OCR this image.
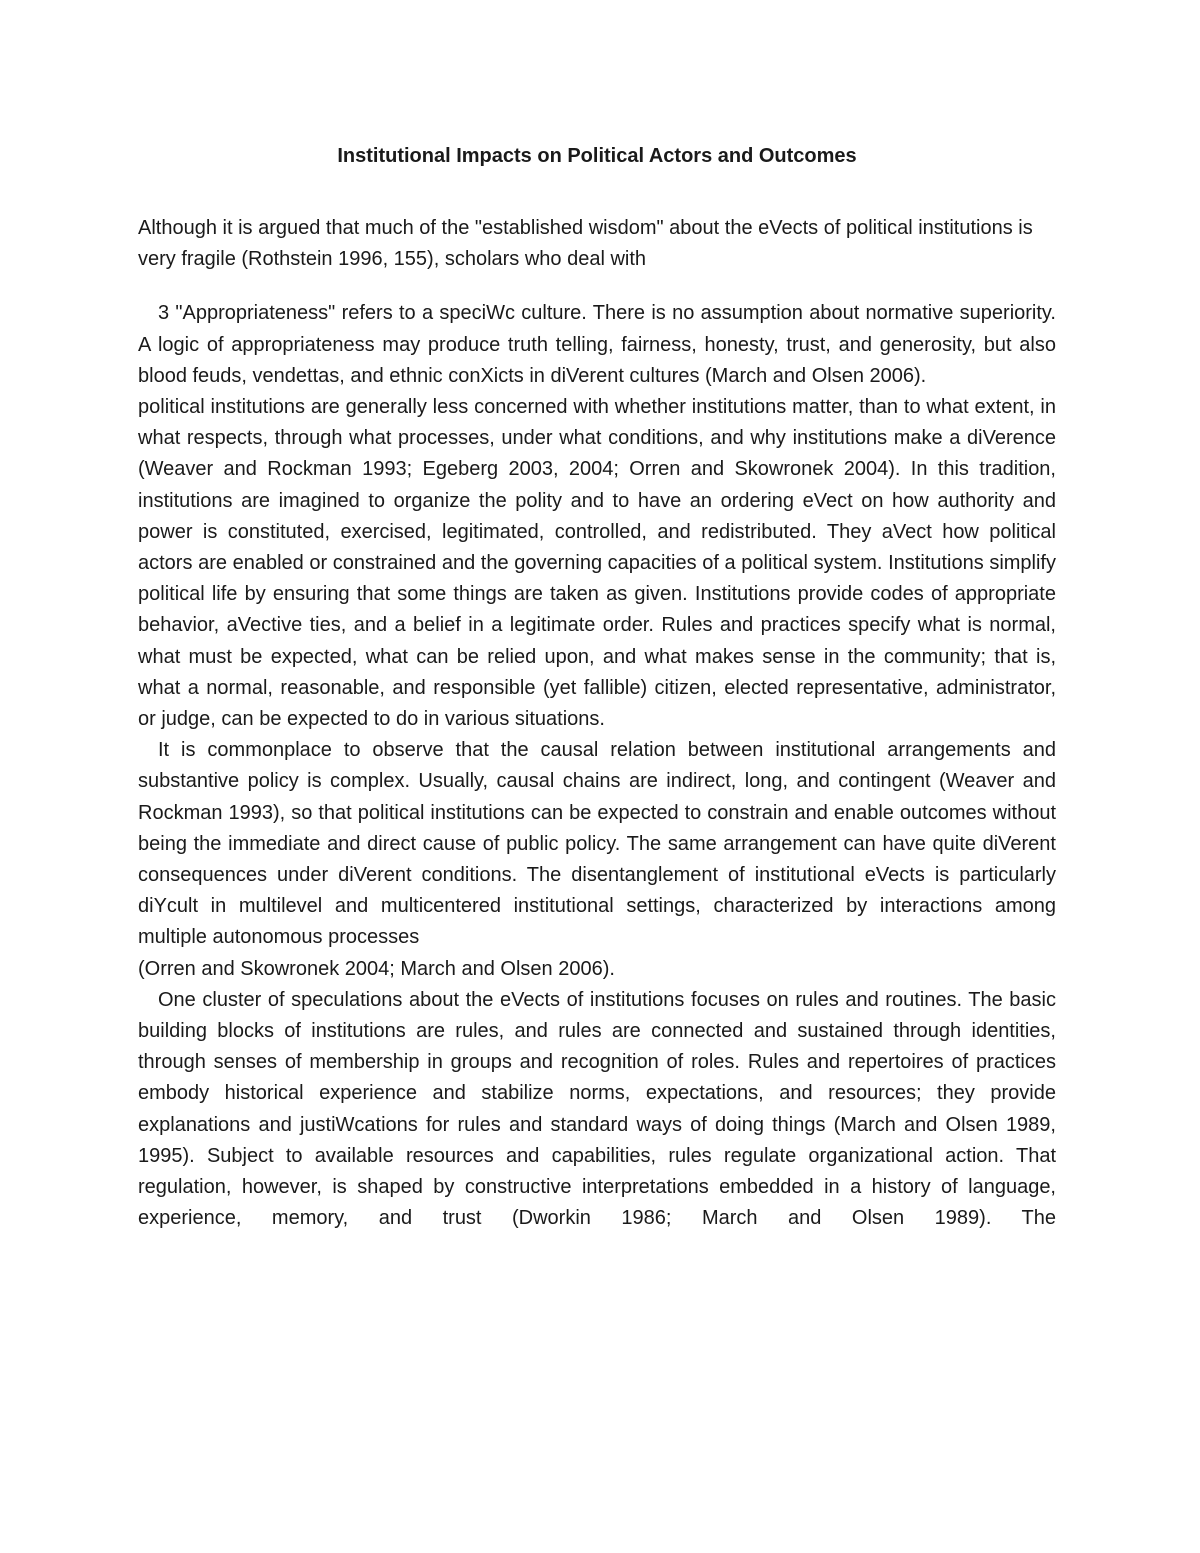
Institutional Impacts on Political Actors and Outcomes

Although it is argued that much of the "established wisdom" about the eVects of political institutions is very fragile (Rothstein 1996, 155), scholars who deal with

3 "Appropriateness" refers to a speciWc culture. There is no assumption about normative superiority. A logic of appropriateness may produce truth telling, fairness, honesty, trust, and generosity, but also blood feuds, vendettas, and ethnic conXicts in diVerent cultures (March and Olsen 2006).

political institutions are generally less concerned with whether institutions matter, than to what extent, in what respects, through what processes, under what conditions, and why institutions make a diVerence (Weaver and Rockman 1993; Egeberg 2003, 2004; Orren and Skowronek 2004). In this tradition, institutions are imagined to organize the polity and to have an ordering eVect on how authority and power is constituted, exercised, legitimated, controlled, and redistributed. They aVect how political actors are enabled or constrained and the governing capacities of a political system. Institutions simplify political life by ensuring that some things are taken as given. Institutions provide codes of appropriate behavior, aVective ties, and a belief in a legitimate order. Rules and practices specify what is normal, what must be expected, what can be relied upon, and what makes sense in the community; that is, what a normal, reasonable, and responsible (yet fallible) citizen, elected representative, administrator, or judge, can be expected to do in various situations.

It is commonplace to observe that the causal relation between institutional arrangements and substantive policy is complex. Usually, causal chains are indirect, long, and contingent (Weaver and Rockman 1993), so that political institutions can be expected to constrain and enable outcomes without being the immediate and direct cause of public policy. The same arrangement can have quite diVerent consequences under diVerent conditions. The disentanglement of institutional eVects is particularly diYcult in multilevel and multicentered institutional settings, characterized by interactions among multiple autonomous processes

(Orren and Skowronek 2004; March and Olsen 2006).

One cluster of speculations about the eVects of institutions focuses on rules and routines. The basic building blocks of institutions are rules, and rules are connected and sustained through identities, through senses of membership in groups and recognition of roles. Rules and repertoires of practices embody historical experience and stabilize norms, expectations, and resources; they provide explanations and justiWcations for rules and standard ways of doing things (March and Olsen 1989, 1995). Subject to available resources and capabilities, rules regulate organizational action. That regulation, however, is shaped by constructive interpretations embedded in a history of language, experience, memory, and trust (Dworkin 1986; March and Olsen 1989). The
